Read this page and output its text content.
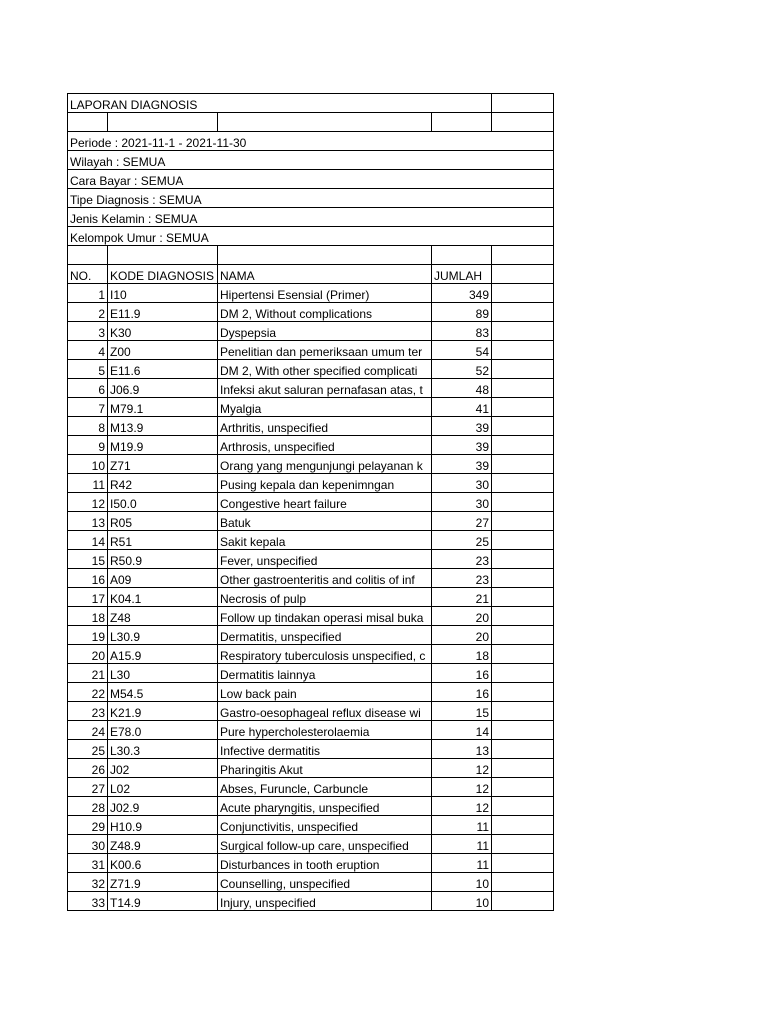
LAPORAN DIAGNOSIS				

Periode : 2021-11-1 - 2021-11-30				
Wilayah : SEMUA				
Cara Bayar : SEMUA				
Tipe Diagnosis : SEMUA				
Jenis Kelamin : SEMUA				
Kelompok Umur : SEMUA				

NO.	KODE DIAGNOSIS	NAMA	JUMLAH	
1	I10	Hipertensi Esensial (Primer)	349	
2	E11.9	DM 2, Without complications	89	
3	K30	Dyspepsia	83	
4	Z00	Penelitian dan pemeriksaan umum ter	54	
5	E11.6	DM 2, With other specified complicati	52	
6	J06.9	Infeksi akut saluran pernafasan atas, t	48	
7	M79.1	Myalgia	41	
8	M13.9	Arthritis, unspecified	39	
9	M19.9	Arthrosis, unspecified	39	
10	Z71	Orang yang mengunjungi pelayanan k	39	
11	R42	Pusing kepala dan kepenimngan	30	
12	I50.0	Congestive heart failure	30	
13	R05	Batuk	27	
14	R51	Sakit kepala	25	
15	R50.9	Fever, unspecified	23	
16	A09	Other gastroenteritis and colitis of inf	23	
17	K04.1	Necrosis of pulp	21	
18	Z48	Follow up tindakan operasi misal buka	20	
19	L30.9	Dermatitis, unspecified	20	
20	A15.9	Respiratory tuberculosis unspecified, c	18	
21	L30	Dermatitis lainnya	16	
22	M54.5	Low back pain	16	
23	K21.9	Gastro-oesophageal reflux disease wi	15	
24	E78.0	Pure hypercholesterolaemia	14	
25	L30.3	Infective dermatitis	13	
26	J02	Pharingitis Akut	12	
27	L02	Abses, Furuncle, Carbuncle	12	
28	J02.9	Acute pharyngitis, unspecified	12	
29	H10.9	Conjunctivitis, unspecified	11	
30	Z48.9	Surgical follow-up care, unspecified	11	
31	K00.6	Disturbances in tooth eruption	11	
32	Z71.9	Counselling, unspecified	10	
33	T14.9	Injury, unspecified	10	
